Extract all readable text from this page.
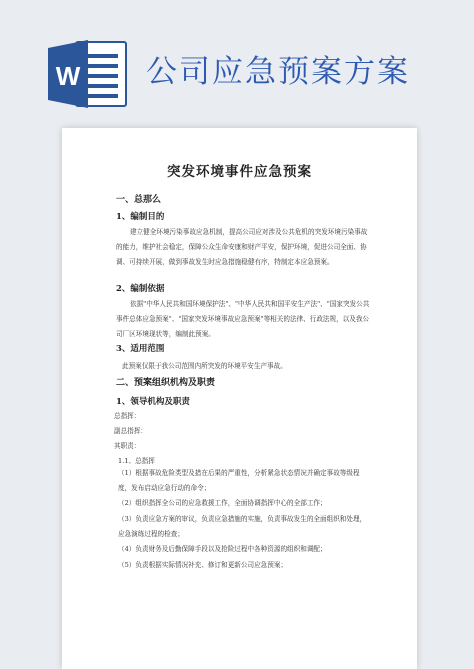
W 公司应急预案方案
突发环境事件应急预案
一、总那么
1、编制目的
建立健全环境污染事故应急机制，提高公司应对涉及公共危机的突发环境污染事故的能力，维护社会稳定，保障公众生命安康和财产平安，保护环境，促进公司全面、协调、可持续开展，做到事故发生时应急措施稳健有序，特制定本应急预案。
2、编制依据
依据"中华人民共和国环境保护法"、"中华人民共和国平安生产法"、"国家突发公共事件总体应急预案"、"国家突发环境事故应急预案"等相关的法律、行政法规，以及我公司厂区环境现状等，编制此预案。
3、适用范围
此预案仅限于我公司范围内所突发的环境平安生产事故。
二、预案组织机构及职责
1、领导机构及职责
总指挥：
副总指挥：
其职责：
1.1、总指挥
（1）根据事故危险类型及措在后果的严重性，分析紧急状态情况并确定事故等级程度，发布启动应急行动的命令；
（2）组织指挥全公司的应急救援工作，全面协调指挥中心的全部工作；
（3）负责应急方案的审议，负责应急措施的实施，负责事故发生的全面组织和处理，应急演练过程的检查；
（4）负责财务及后勤保障手段以及抢险过程中各种资源的组织和调配；
（5）负责根据实际情况补充、修订和更新公司应急预案；
